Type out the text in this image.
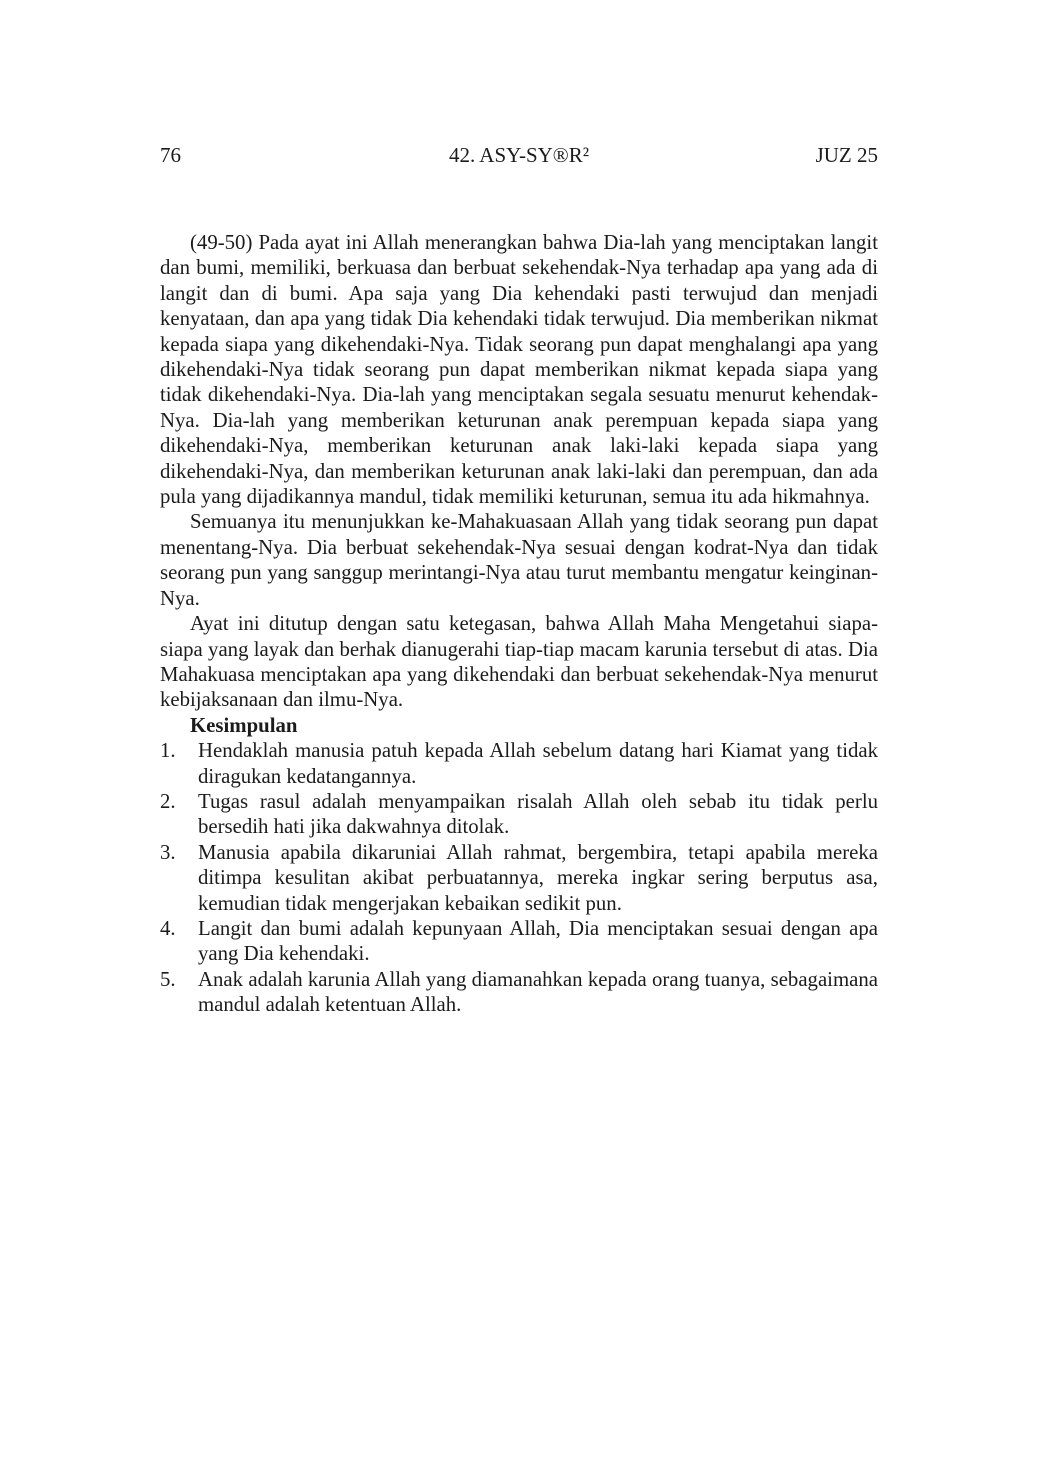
76	42. ASY-SY®R²	JUZ 25

(49-50) Pada ayat ini Allah menerangkan bahwa Dia-lah yang menciptakan langit dan bumi, memiliki, berkuasa dan berbuat sekehendak-Nya terhadap apa yang ada di langit dan di bumi. Apa saja yang Dia kehendaki pasti terwujud dan menjadi kenyataan, dan apa yang tidak Dia kehendaki tidak terwujud. Dia memberikan nikmat kepada siapa yang dikehendaki-Nya. Tidak seorang pun dapat menghalangi apa yang dikehendaki-Nya tidak seorang pun dapat memberikan nikmat kepada siapa yang tidak dikehendaki-Nya. Dia-lah yang menciptakan segala sesuatu menurut kehendak-Nya. Dia-lah yang memberikan keturunan anak perempuan kepada siapa yang dikehendaki-Nya, memberikan keturunan anak laki-laki kepada siapa yang dikehendaki-Nya, dan memberikan keturunan anak laki-laki dan perempuan, dan ada pula yang dijadikannya mandul, tidak memiliki keturunan, semua itu ada hikmahnya.

Semuanya itu menunjukkan ke-Mahakuasaan Allah yang tidak seorang pun dapat menentang-Nya. Dia berbuat sekehendak-Nya sesuai dengan kodrat-Nya dan tidak seorang pun yang sanggup merintangi-Nya atau turut membantu mengatur keinginan-Nya.

Ayat ini ditutup dengan satu ketegasan, bahwa Allah Maha Mengetahui siapa-siapa yang layak dan berhak dianugerahi tiap-tiap macam karunia tersebut di atas. Dia Mahakuasa menciptakan apa yang dikehendaki dan berbuat sekehendak-Nya menurut kebijaksanaan dan ilmu-Nya.

Kesimpulan

1.	Hendaklah manusia patuh kepada Allah sebelum datang hari Kiamat yang tidak diragukan kedatangannya.
2.	Tugas rasul adalah menyampaikan risalah Allah oleh sebab itu tidak perlu bersedih hati jika dakwahnya ditolak.
3.	Manusia apabila dikaruniai Allah rahmat, bergembira, tetapi apabila mereka ditimpa kesulitan akibat perbuatannya, mereka ingkar sering berputus asa, kemudian tidak mengerjakan kebaikan sedikit pun.
4.	Langit dan bumi adalah kepunyaan Allah, Dia menciptakan sesuai dengan apa yang Dia kehendaki.
5.	Anak adalah karunia Allah yang diamanahkan kepada orang tuanya, sebagaimana mandul adalah ketentuan Allah.
